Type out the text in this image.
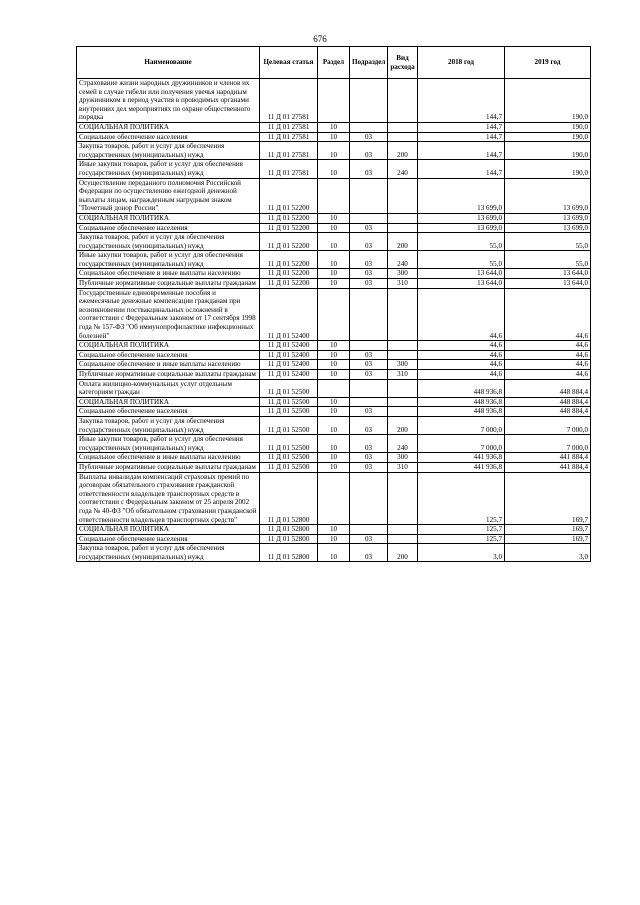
676
Наименование	Целевая статья	Раздел	Подраздел	Вид расхода	2018 год	2019 год
Страхование жизни народных дружинников и членов их семей в случае гибели или получения увечья народным дружинником в период участия в проводимых органами внутренних дел мероприятиях по охране общественного порядка	11 Д 01 27581				144,7	190,0
СОЦИАЛЬНАЯ ПОЛИТИКА	11 Д 01 27581	10			144,7	190,0
Социальное обеспечение населения	11 Д 01 27581	10	03		144,7	190,0
Закупка товаров, работ и услуг для обеспечения государственных (муниципальных) нужд	11 Д 01 27581	10	03	200	144,7	190,0
Иные закупки товаров, работ и услуг для обеспечения государственных (муниципальных) нужд	11 Д 01 27581	10	03	240	144,7	190,0
Осуществление переданного полномочия Российской Федерации по осуществлению ежегодной денежной выплаты лицам, награжденным нагрудным знаком "Почетный донор России"	11 Д 01 52200				13 699,0	13 699,0
СОЦИАЛЬНАЯ ПОЛИТИКА	11 Д 01 52200	10			13 699,0	13 699,0
Социальное обеспечение населения	11 Д 01 52200	10	03		13 699,0	13 699,0
Закупка товаров, работ и услуг для обеспечения государственных (муниципальных) нужд	11 Д 01 52200	10	03	200	55,0	55,0
Иные закупки товаров, работ и услуг для обеспечения государственных (муниципальных) нужд	11 Д 01 52200	10	03	240	55,0	55,0
Социальное обеспечение и иные выплаты населению	11 Д 01 52200	10	03	300	13 644,0	13 644,0
Публичные нормативные социальные выплаты гражданам	11 Д 01 52200	10	03	310	13 644,0	13 644,0
Государственные единовременные пособия и ежемесячные денежные компенсации гражданам при возникновении поствакцинальных осложнений в соответствии с Федеральным законом от 17 сентября 1998 года № 157-ФЗ "Об иммунопрофилактике инфекционных болезней"	11 Д 01 52400				44,6	44,6
СОЦИАЛЬНАЯ ПОЛИТИКА	11 Д 01 52400	10			44,6	44,6
Социальное обеспечение населения	11 Д 01 52400	10	03		44,6	44,6
Социальное обеспечение и иные выплаты населению	11 Д 01 52400	10	03	300	44,6	44,6
Публичные нормативные социальные выплаты гражданам	11 Д 01 52400	10	03	310	44,6	44,6
Оплата жилищно-коммунальных услуг отдельным категориям граждан	11 Д 01 52500				448 936,8	448 884,4
СОЦИАЛЬНАЯ ПОЛИТИКА	11 Д 01 52500	10			448 936,8	448 884,4
Социальное обеспечение населения	11 Д 01 52500	10	03		448 936,8	448 884,4
Закупка товаров, работ и услуг для обеспечения государственных (муниципальных) нужд	11 Д 01 52500	10	03	200	7 000,0	7 000,0
Иные закупки товаров, работ и услуг для обеспечения государственных (муниципальных) нужд	11 Д 01 52500	10	03	240	7 000,0	7 000,0
Социальное обеспечение и иные выплаты населению	11 Д 01 52500	10	03	300	441 936,8	441 884,4
Публичные нормативные социальные выплаты гражданам	11 Д 01 52500	10	03	310	441 936,8	441 884,4
Выплаты инвалидам компенсаций страховых премий по договорам обязательного страхования гражданской ответственности владельцев транспортных средств в соответствии с Федеральным законом от 25 апреля 2002 года № 40-ФЗ "Об обязательном страховании гражданской ответственности владельцев транспортных средств"	11 Д 01 52800				125,7	169,7
СОЦИАЛЬНАЯ ПОЛИТИКА	11 Д 01 52800	10			125,7	169,7
Социальное обеспечение населения	11 Д 01 52800	10	03		125,7	169,7
Закупка товаров, работ и услуг для обеспечения государственных (муниципальных) нужд	11 Д 01 52800	10	03	200	3,0	3,0
